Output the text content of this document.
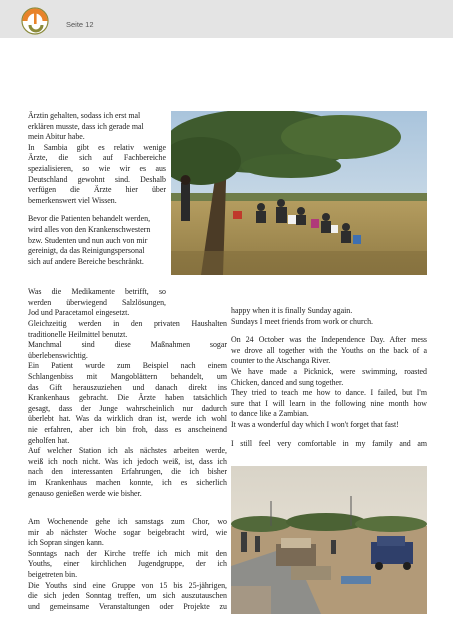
Seite 12

Ärztin gehalten, sodass ich erst mal

erklären musste, dass ich gerade mal

mein Abitur habe.

In Sambia gibt es relativ wenige

Ärzte, die sich auf Fachbereiche

spezialisieren, so wie wir es aus

Deutschland gewohnt sind. Deshalb

verfügen die Ärzte hier über

bemerkenswert viel Wissen.

Bevor die Patienten behandelt werden,

wird alles von den Krankenschwestern

bzw. Studenten und nun auch von mir

gereinigt, da das Reinigungspersonal

sich auf andere Bereiche beschränkt.

Was die Medikamente betrifft, so

werden überwiegend Salzlösungen,

Jod und Paracetamol eingesetzt.

Gleichzeitig werden in den privaten Haushalten

traditionelle Heilmittel benutzt.

Manchmal sind diese Maßnahmen sogar

überlebenswichtig.

Ein Patient wurde zum Beispiel nach einem

Schlangenbiss mit Mangoblättern behandelt, um

das Gift herauszuziehen und danach direkt ins

Krankenhaus gebracht. Die Ärzte haben tatsächlich

gesagt, dass der Junge wahrscheinlich nur dadurch

überlebt hat. Was da wirklich dran ist, werde ich wohl

nie erfahren, aber ich bin froh, dass es anscheinend

geholfen hat.

Auf welcher Station ich als nächstes arbeiten werde,

weiß ich noch nicht. Was ich jedoch weiß, ist, dass ich

nach den interessanten Erfahrungen, die ich bisher

im Krankenhaus machen konnte, ich es sicherlich

genauso genießen werde wie bisher.

Am Wochenende gehe ich samstags zum Chor, wo

mir ab nächster Woche sogar beigebracht wird, wie

ich Sopran singen kann.

Sonntags nach der Kirche treffe ich mich mit den

Youths, einer kirchlichen Jugendgruppe, der ich

beigetreten bin.

Die Youths sind eine Gruppe von 15 bis 25-jährigen,

die sich jeden Sonntag treffen, um sich auszutauschen

und gemeinsame Veranstaltungen oder Projekte zu

happy when it is finally Sunday again.

Sundays I meet friends from work or church.

On 24 October was the Independence Day. After mess

we drove all together with the Youths on the back of a

counter to the Atschanga River.

We have made a Picknick, were swimming, roasted

Chicken, danced and sung together.

They tried to teach me how to dance. I failed, but I'm

sure that I will learn in the following nine month how

to dance like a Zambian.

It was a wonderful day which I won't forget that fast!

I still feel very comfortable in my family and am
